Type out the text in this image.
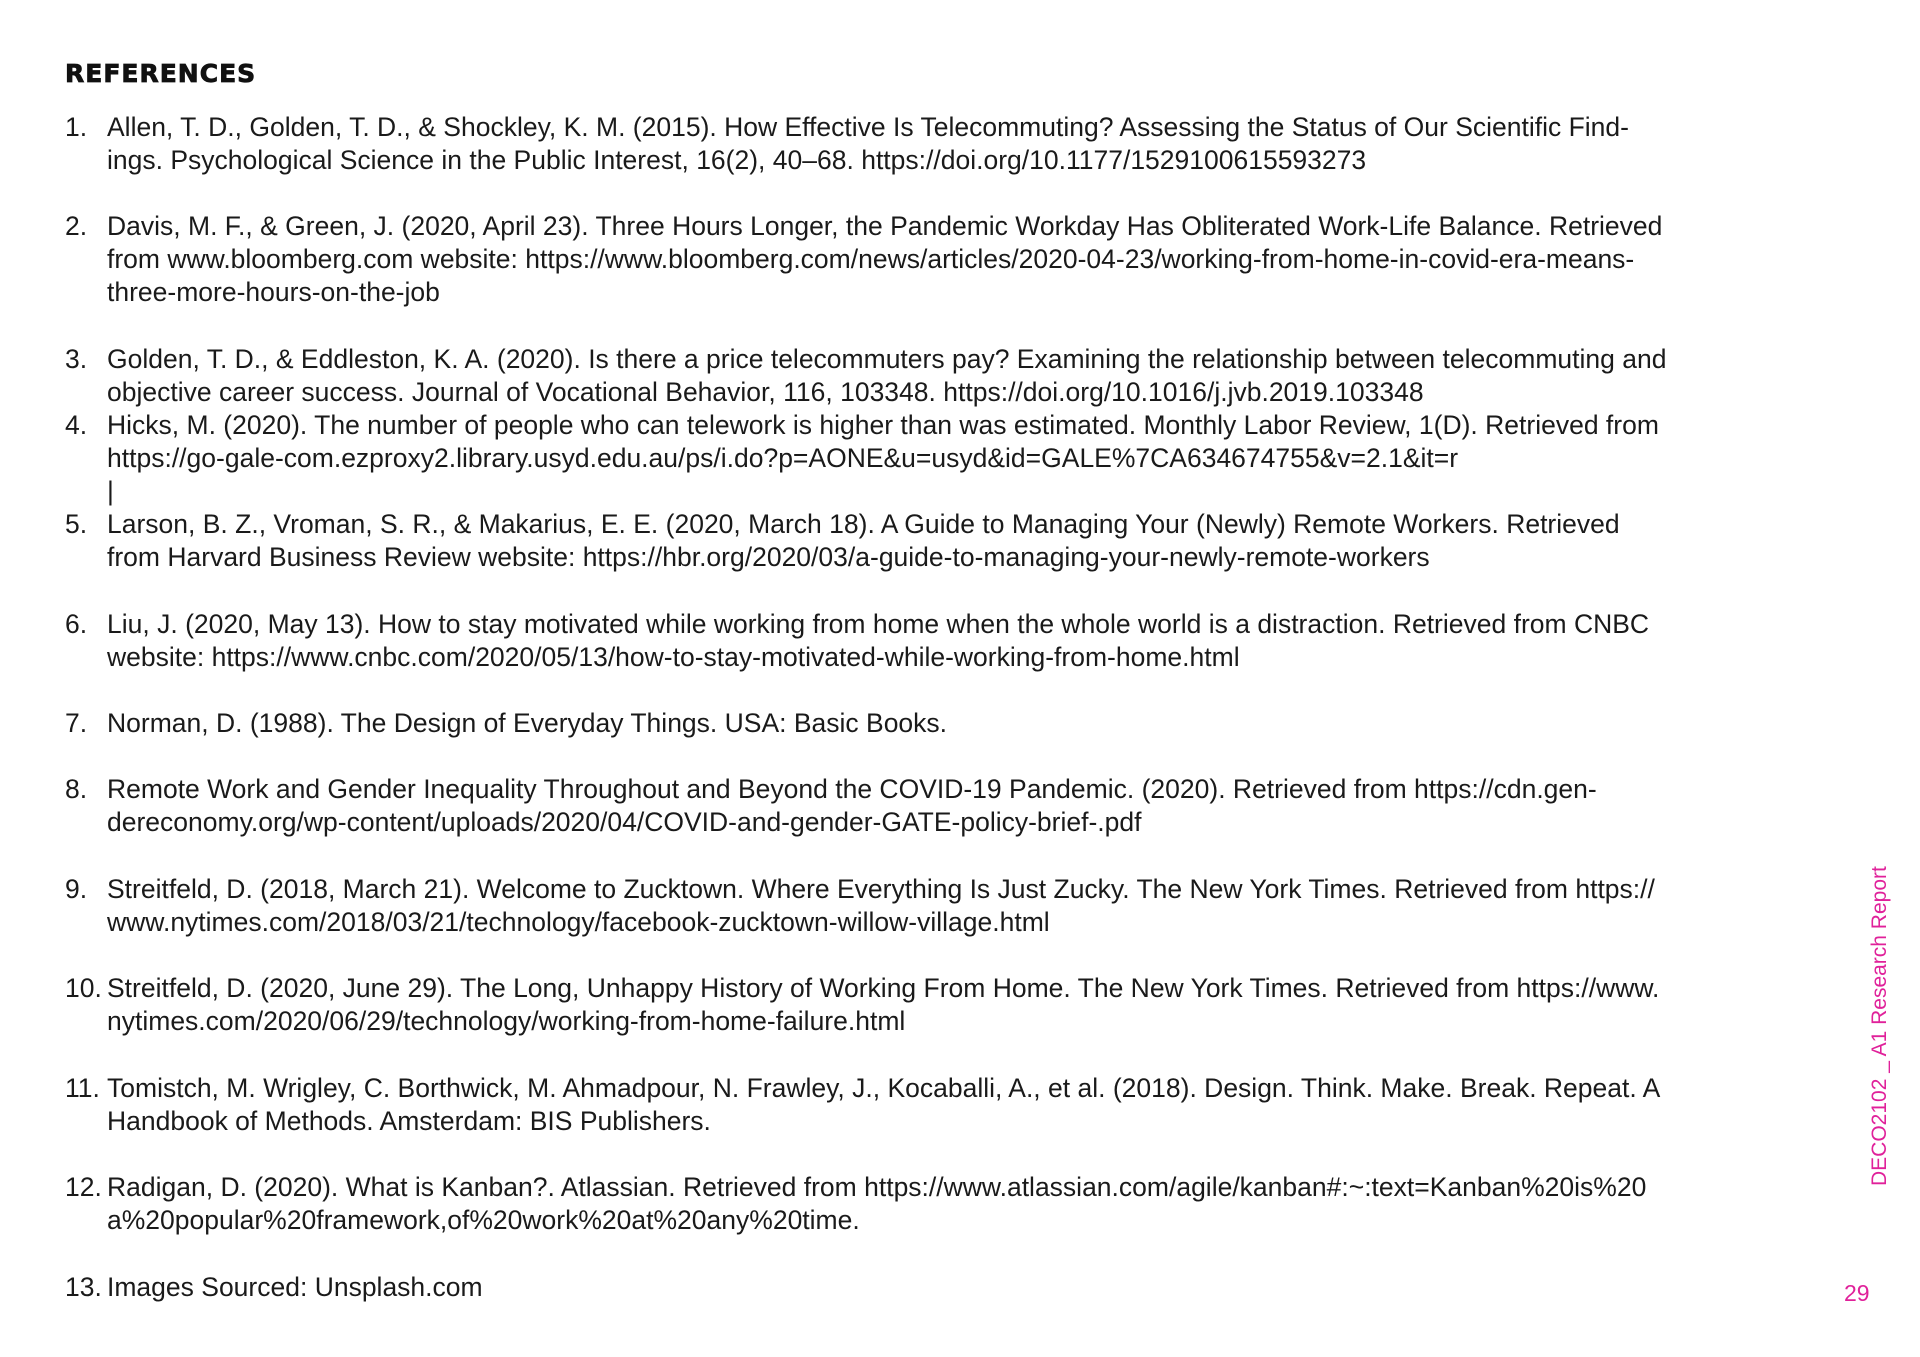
REFERENCES
1. Allen, T. D., Golden, T. D., & Shockley, K. M. (2015). How Effective Is Telecommuting? Assessing the Status of Our Scientific Find-
ings. Psychological Science in the Public Interest, 16(2), 40–68. https://doi.org/10.1177/1529100615593273
2. Davis, M. F., & Green, J. (2020, April 23). Three Hours Longer, the Pandemic Workday Has Obliterated Work-Life Balance. Retrieved
from www.bloomberg.com website: https://www.bloomberg.com/news/articles/2020-04-23/working-from-home-in-covid-era-means-
three-more-hours-on-the-job
3. Golden, T. D., & Eddleston, K. A. (2020). Is there a price telecommuters pay? Examining the relationship between telecommuting and
objective career success. Journal of Vocational Behavior, 116, 103348. https://doi.org/10.1016/j.jvb.2019.103348
4. Hicks, M. (2020). The number of people who can telework is higher than was estimated. Monthly Labor Review, 1(D). Retrieved from
https://go-gale-com.ezproxy2.library.usyd.edu.au/ps/i.do?p=AONE&u=usyd&id=GALE%7CA634674755&v=2.1&it=r
|
5. Larson, B. Z., Vroman, S. R., & Makarius, E. E. (2020, March 18). A Guide to Managing Your (Newly) Remote Workers. Retrieved
from Harvard Business Review website: https://hbr.org/2020/03/a-guide-to-managing-your-newly-remote-workers
6. Liu, J. (2020, May 13). How to stay motivated while working from home when the whole world is a distraction. Retrieved from CNBC
website: https://www.cnbc.com/2020/05/13/how-to-stay-motivated-while-working-from-home.html
7. Norman, D. (1988). The Design of Everyday Things. USA: Basic Books.
8. Remote Work and Gender Inequality Throughout and Beyond the COVID-19 Pandemic. (2020). Retrieved from https://cdn.gen-
dereconomy.org/wp-content/uploads/2020/04/COVID-and-gender-GATE-policy-brief-.pdf
9. Streitfeld, D. (2018, March 21). Welcome to Zucktown. Where Everything Is Just Zucky. The New York Times. Retrieved from https://
www.nytimes.com/2018/03/21/technology/facebook-zucktown-willow-village.html
10. Streitfeld, D. (2020, June 29). The Long, Unhappy History of Working From Home. The New York Times. Retrieved from https://www.
nytimes.com/2020/06/29/technology/working-from-home-failure.html
11. Tomistch, M. Wrigley, C. Borthwick, M. Ahmadpour, N. Frawley, J., Kocaballi, A., et al. (2018). Design. Think. Make. Break. Repeat. A
Handbook of Methods. Amsterdam: BIS Publishers.
12. Radigan, D. (2020). What is Kanban?. Atlassian. Retrieved from https://www.atlassian.com/agile/kanban#:~:text=Kanban%20is%20
a%20popular%20framework,of%20work%20at%20any%20time.
13. Images Sourced: Unsplash.com
DECO2102 _ A1 Research Report
29
